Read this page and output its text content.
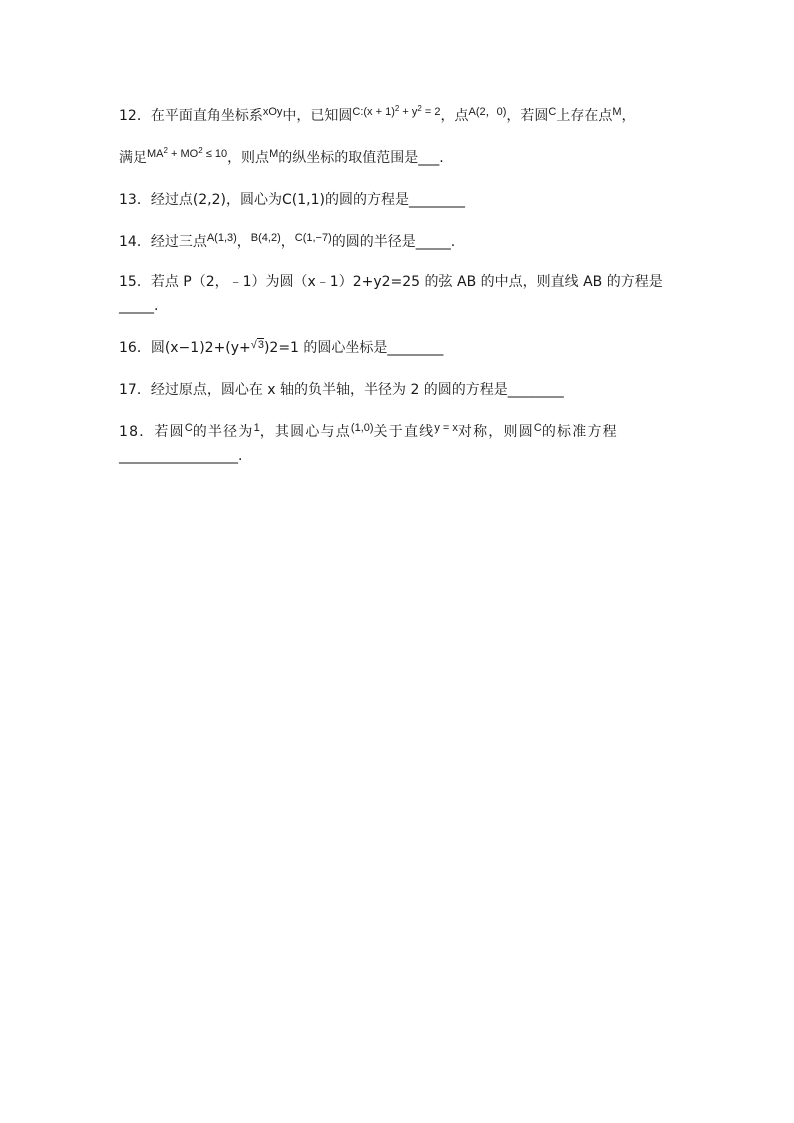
12．在平面直角坐标系$^{xOy}$中，已知圆$^{C:(x + 1)^2 + y^2 = 2}$，点$^{A(2,0)}$，若圆$^C$上存在点$^M$，
满足$^{MA^2 + MO^2 \le 10}$，则点$^M$的纵坐标的取值范围是___.
13．经过点(2,2)，圆心为C(1,1)的圆的方程是________
14．经过三点$^{A(1,3)}$，$^{B(4,2)}$，$^{C(1,-7)}$的圆的半径是_____.
15．若点 P（2，﹣1）为圆（x﹣1）2+y2=25 的弦 AB 的中点，则直线 AB 的方程是
_____.
16．圆(x−1)2+(y+$^{√3}$)2=1 的圆心坐标是________
17．经过原点，圆心在 x 轴的负半轴，半径为 2 的圆的方程是________
18．若圆$^C$的半径为$^1$，其圆心与点$^{(1,0)}$关于直线$^{y = x}$对称，则圆$^C$的标准方程
_________________.
